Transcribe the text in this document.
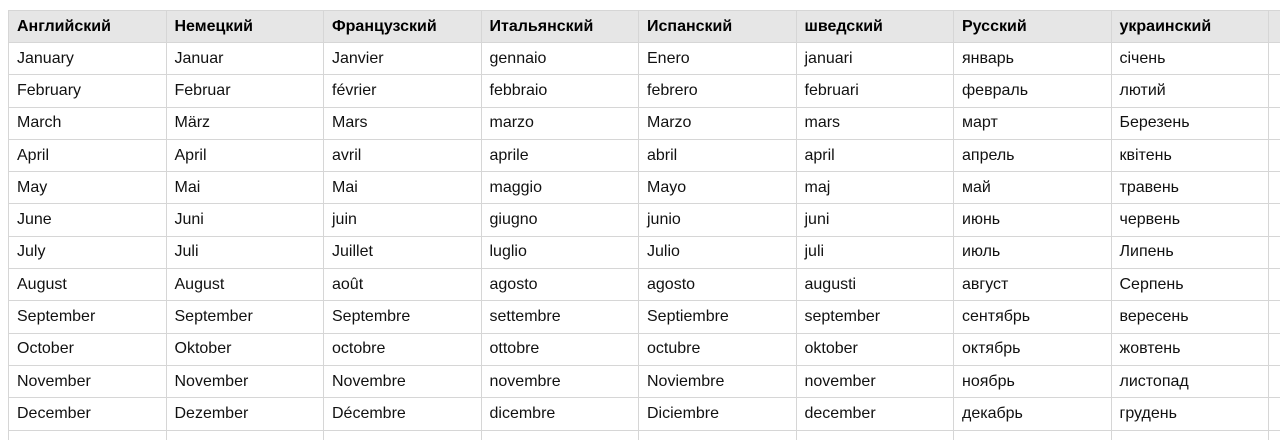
Английский	Немецкий	Французский	Итальянский	Испанский	шведский	Русский	украинский	
January	Januar	Janvier	gennaio	Enero	januari	январь	січень	
February	Februar	février	febbraio	febrero	februari	февраль	лютий	
March	März	Mars	marzo	Marzo	mars	март	Березень	
April	April	avril	aprile	abril	april	апрель	квітень	
May	Mai	Mai	maggio	Mayo	maj	май	травень	
June	Juni	juin	giugno	junio	juni	июнь	червень	
July	Juli	Juillet	luglio	Julio	juli	июль	Липень	
August	August	août	agosto	agosto	augusti	август	Серпень	
September	September	Septembre	settembre	Septiembre	september	сентябрь	вересень	
October	Oktober	octobre	ottobre	octubre	oktober	октябрь	жовтень	
November	November	Novembre	novembre	Noviembre	november	ноябрь	листопад	
December	Dezember	Décembre	dicembre	Diciembre	december	декабрь	грудень	
